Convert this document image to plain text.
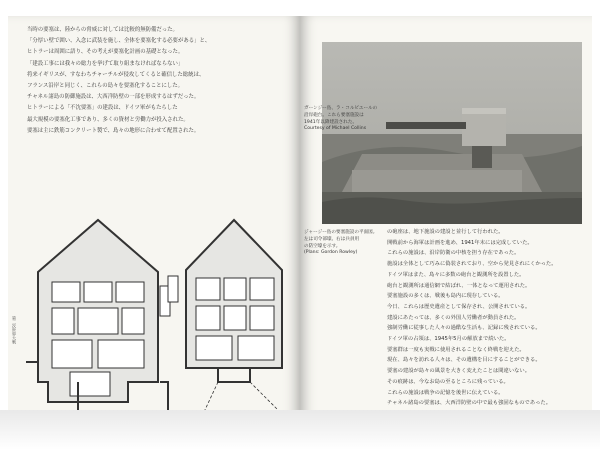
当時の要塞は、陸からの脅威に対しては比較的無防備だった。

「分厚い壁で囲い、入念に武装を施し、全体を要塞化する必要がある」と、

ヒトラーは周囲に語り、その考えが要塞化計画の基礎となった。

「建設工事には我々の総力を挙げて取り組まなければならない」

将来イギリスが、すなわちチャーチルが侵攻してくると確信した総統は、

フランス沿岸と同じく、これらの島々を要塞化することにした。

チャネル諸島の防御施設は、大西洋防壁の一部を形成するはずだった。

ヒトラーによる「不沈要塞」の建設は、ドイツ軍がもたらした

最大規模の要塞化工事であり、多くの資材と労働力が投入された。

要塞は主に鉄筋コンクリート製で、島々の地形に合わせて配置された。

第二次世界大戦

ガーンジー島、ラ・コルビエールの

沿岸砲台。これら要塞施設は

1941年以降建設された。

Courtesy of Michael Collins

ジャージー島の要塞施設の平面図。

左は司令部壕、右は兵員用

の防空壕を示す。

(Plans: Gordon Rowley)

の砲座は、地下施設の建設と並行して行われた。

開戦前から海軍は計画を進め、1941年末には完成していた。

これらの施設は、沿岸防衛の中核を担う存在であった。

施設は全体として巧みに偽装されており、空から発見されにくかった。

ドイツ軍はまた、島々に多数の砲台と観測所を設置した。

砲台と観測所は通信網で結ばれ、一体となって運用された。

要塞施設の多くは、戦後も島内に現存している。

今日、これらは歴史遺産として保存され、公開されている。

建設にあたっては、多くの外国人労働者が動員された。

強制労働に従事した人々の過酷な生活も、記録に残されている。

ドイツ軍の占領は、1945年5月の解放まで続いた。

要塞群は一度も実戦に使用されることなく終戦を迎えた。

現在、島々を訪れる人々は、その遺構を目にすることができる。

要塞の建設が島々の風景を大きく変えたことは間違いない。

その痕跡は、今なお島の至るところに残っている。

これらの施設は戦争の記憶を後世に伝えている。

チャネル諸島の要塞は、大西洋防壁の中で最も強固なものであった。
